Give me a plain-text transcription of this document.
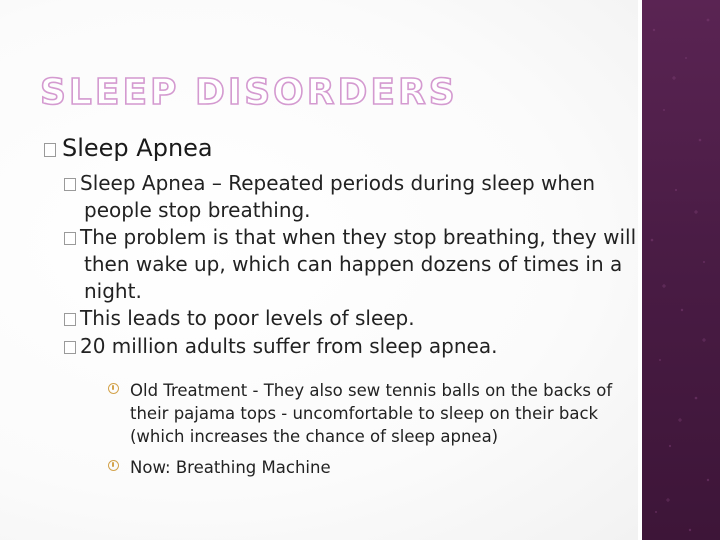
SLEEP DISORDERS
Sleep Apnea
Sleep Apnea – Repeated periods during sleep when people stop breathing.
The problem is that when they stop breathing, they will then wake up, which can happen dozens of times in a night.
This leads to poor levels of sleep.
20 million adults suffer from sleep apnea.
Old Treatment - They also sew tennis balls on the backs of their pajama tops - uncomfortable to sleep on their back (which increases the chance of sleep apnea)
Now: Breathing Machine
